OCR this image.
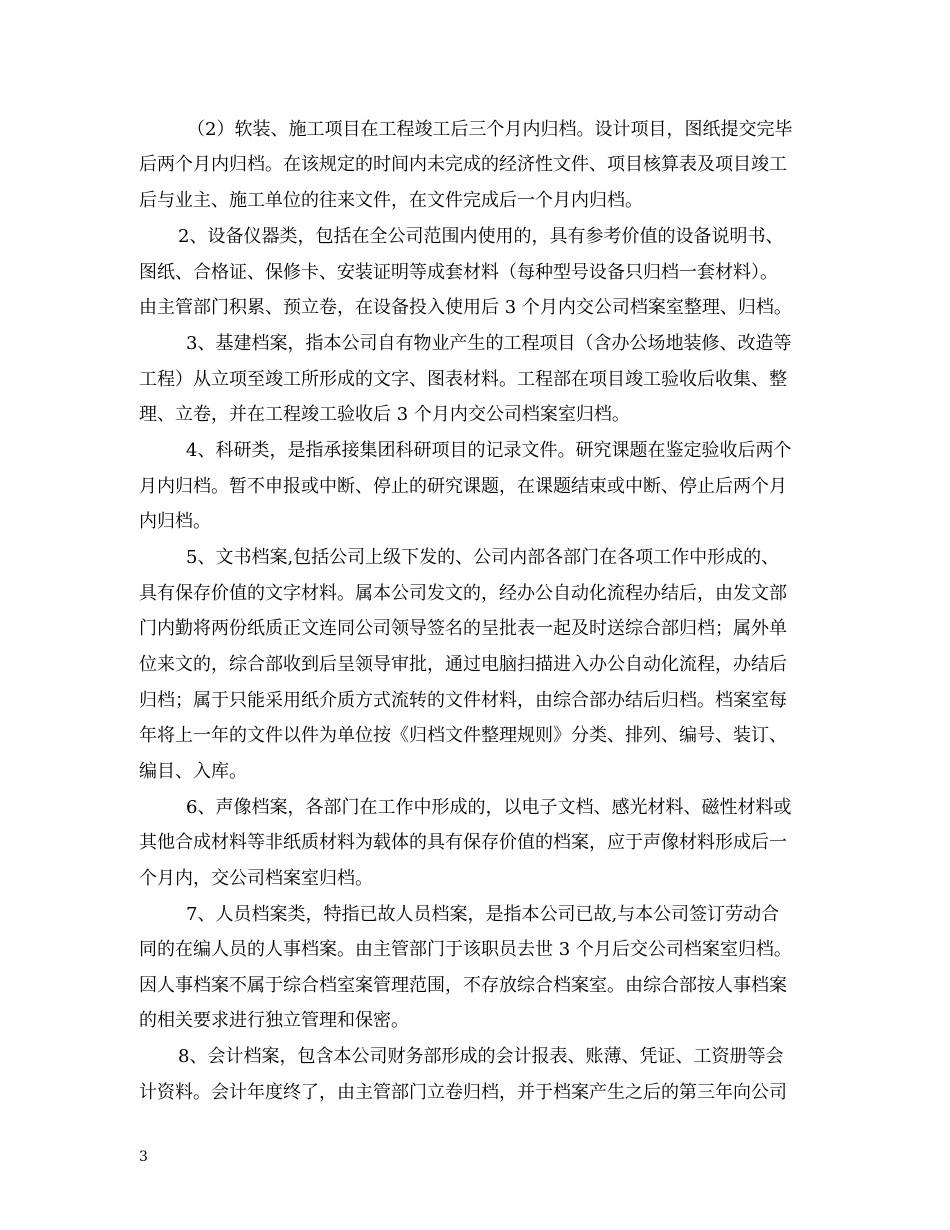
（2）软装、施工项目在工程竣工后三个月内归档。设计项目，图纸提交完毕
后两个月内归档。在该规定的时间内未完成的经济性文件、项目核算表及项目竣工
后与业主、施工单位的往来文件，在文件完成后一个月内归档。
2、设备仪器类，包括在全公司范围内使用的，具有参考价值的设备说明书、
图纸、合格证、保修卡、安装证明等成套材料（每种型号设备只归档一套材料）。
由主管部门积累、预立卷，在设备投入使用后 3 个月内交公司档案室整理、归档。
3、基建档案，指本公司自有物业产生的工程项目（含办公场地装修、改造等
工程）从立项至竣工所形成的文字、图表材料。工程部在项目竣工验收后收集、整
理、立卷，并在工程竣工验收后 3 个月内交公司档案室归档。
4、科研类，是指承接集团科研项目的记录文件。研究课题在鉴定验收后两个
月内归档。暂不申报或中断、停止的研究课题，在课题结束或中断、停止后两个月
内归档。
5、文书档案,包括公司上级下发的、公司内部各部门在各项工作中形成的、
具有保存价值的文字材料。属本公司发文的，经办公自动化流程办结后，由发文部
门内勤将两份纸质正文连同公司领导签名的呈批表一起及时送综合部归档；属外单
位来文的，综合部收到后呈领导审批，通过电脑扫描进入办公自动化流程，办结后
归档；属于只能采用纸介质方式流转的文件材料，由综合部办结后归档。档案室每
年将上一年的文件以件为单位按《归档文件整理规则》分类、排列、编号、装订、
编目、入库。
6、声像档案，各部门在工作中形成的，以电子文档、感光材料、磁性材料或
其他合成材料等非纸质材料为载体的具有保存价值的档案，应于声像材料形成后一
个月内，交公司档案室归档。
7、人员档案类，特指已故人员档案，是指本公司已故,与本公司签订劳动合
同的在编人员的人事档案。由主管部门于该职员去世 3 个月后交公司档案室归档。
因人事档案不属于综合档室案管理范围，不存放综合档案室。由综合部按人事档案
的相关要求进行独立管理和保密。
8、会计档案，包含本公司财务部形成的会计报表、账薄、凭证、工资册等会
计资料。会计年度终了，由主管部门立卷归档，并于档案产生之后的第三年向公司
3
